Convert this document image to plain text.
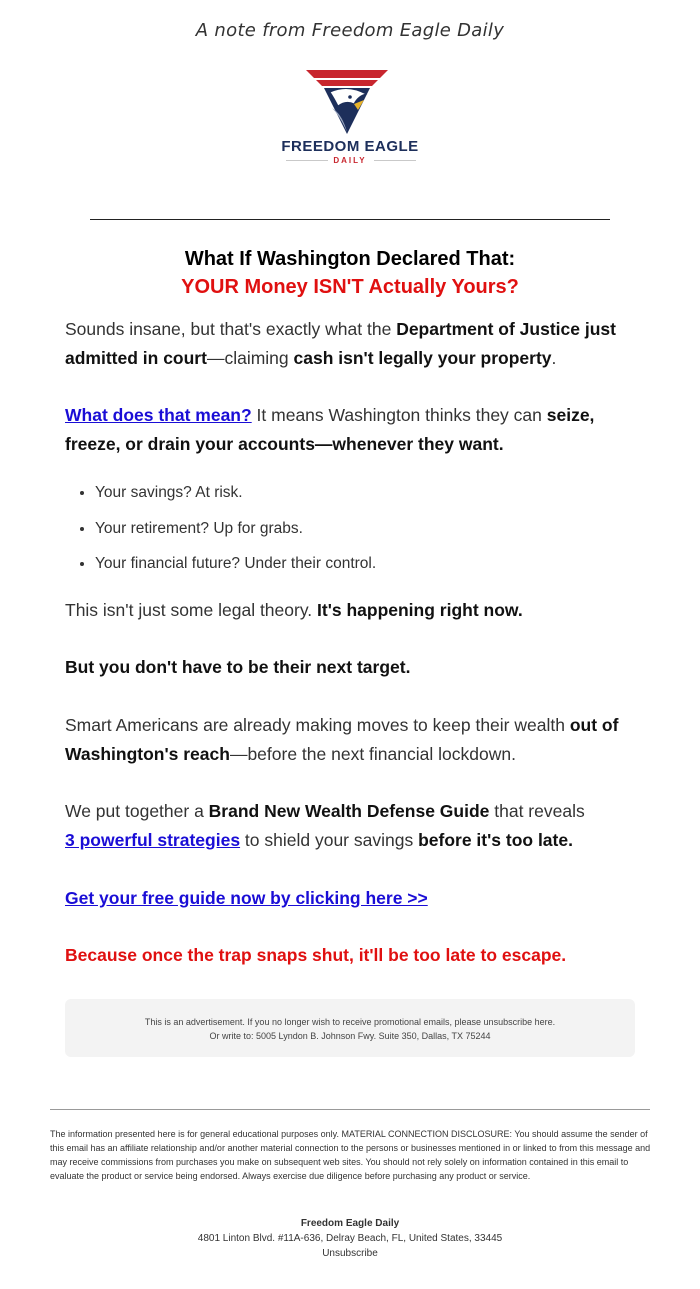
A note from Freedom Eagle Daily
FREEDOM EAGLE
DAILY
What If Washington Declared That:
YOUR Money ISN'T Actually Yours?
Sounds insane, but that's exactly what the Department of Justice just admitted in court—claiming cash isn't legally your property.
What does that mean? It means Washington thinks they can seize, freeze, or drain your accounts—whenever they want.
• Your savings? At risk.
• Your retirement? Up for grabs.
• Your financial future? Under their control.
This isn't just some legal theory. It's happening right now.
But you don't have to be their next target.
Smart Americans are already making moves to keep their wealth out of Washington's reach—before the next financial lockdown.
We put together a Brand New Wealth Defense Guide that reveals
3 powerful strategies to shield your savings before it's too late.
Get your free guide now by clicking here >>
Because once the trap snaps shut, it'll be too late to escape.
This is an advertisement. If you no longer wish to receive promotional emails, please unsubscribe here.
Or write to: 5005 Lyndon B. Johnson Fwy. Suite 350, Dallas, TX 75244
The information presented here is for general educational purposes only. MATERIAL CONNECTION DISCLOSURE: You should assume the sender of this email has an affiliate relationship and/or another material connection to the persons or businesses mentioned in or linked to from this message and may receive commissions from purchases you make on subsequent web sites. You should not rely solely on information contained in this email to evaluate the product or service being endorsed. Always exercise due diligence before purchasing any product or service.
Freedom Eagle Daily
4801 Linton Blvd. #11A-636, Delray Beach, FL, United States, 33445
Unsubscribe
